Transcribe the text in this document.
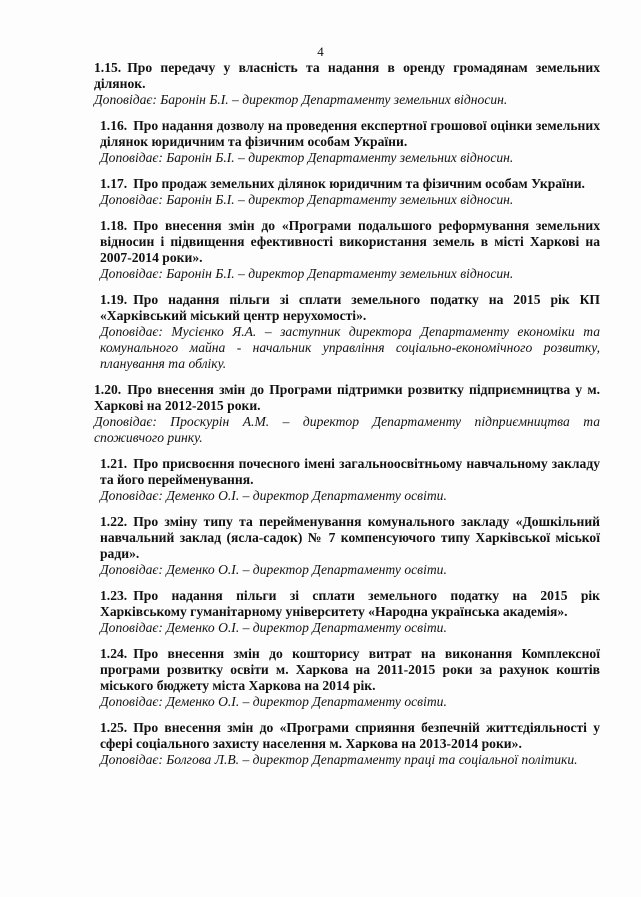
4

1.15. Про передачу у власність та надання в оренду громадянам земельних ділянок.

Доповідає: Баронін Б.І. – директор Департаменту земельних відносин.

1.16. Про надання дозволу на проведення експертної грошової оцінки земельних ділянок юридичним та фізичним особам України.

Доповідає: Баронін Б.І. – директор Департаменту земельних відносин.

1.17. Про продаж земельних ділянок юридичним та фізичним особам України.

Доповідає: Баронін Б.І. – директор Департаменту земельних відносин.

1.18. Про внесення змін до «Програми подальшого реформування земельних відносин і підвищення ефективності використання земель в місті Харкові на 2007-2014 роки».

Доповідає: Баронін Б.І. – директор Департаменту земельних відносин.

1.19. Про надання пільги зі сплати земельного податку на 2015 рік КП «Харківський міський центр нерухомості».

Доповідає: Мусієнко Я.А. – заступник директора Департаменту економіки та комунального майна - начальник управління соціально-економічного розвитку, планування та обліку.

1.20. Про внесення змін до Програми підтримки розвитку підприємництва у м. Харкові на 2012-2015 роки.

Доповідає: Проскурін А.М. – директор Департаменту підприємництва та споживчого ринку.

1.21. Про присвоєння почесного імені загальноосвітньому навчальному закладу та його перейменування.

Доповідає: Деменко О.І. – директор Департаменту освіти.

1.22. Про зміну типу та перейменування комунального закладу «Дошкільний навчальний заклад (ясла-садок) № 7 компенсуючого типу Харківської міської ради».

Доповідає: Деменко О.І. – директор Департаменту освіти.

1.23. Про надання пільги зі сплати земельного податку на 2015 рік Харківському гуманітарному університету «Народна українська академія».

Доповідає: Деменко О.І. – директор Департаменту освіти.

1.24. Про внесення змін до кошторису витрат на виконання Комплексної програми розвитку освіти м. Харкова на 2011-2015 роки за рахунок коштів міського бюджету міста Харкова на 2014 рік.

Доповідає: Деменко О.І. – директор Департаменту освіти.

1.25. Про внесення змін до «Програми сприяння безпечній життєдіяльності у сфері соціального захисту населення м. Харкова на 2013-2014 роки».

Доповідає: Болгова Л.В. – директор Департаменту праці та соціальної політики.
